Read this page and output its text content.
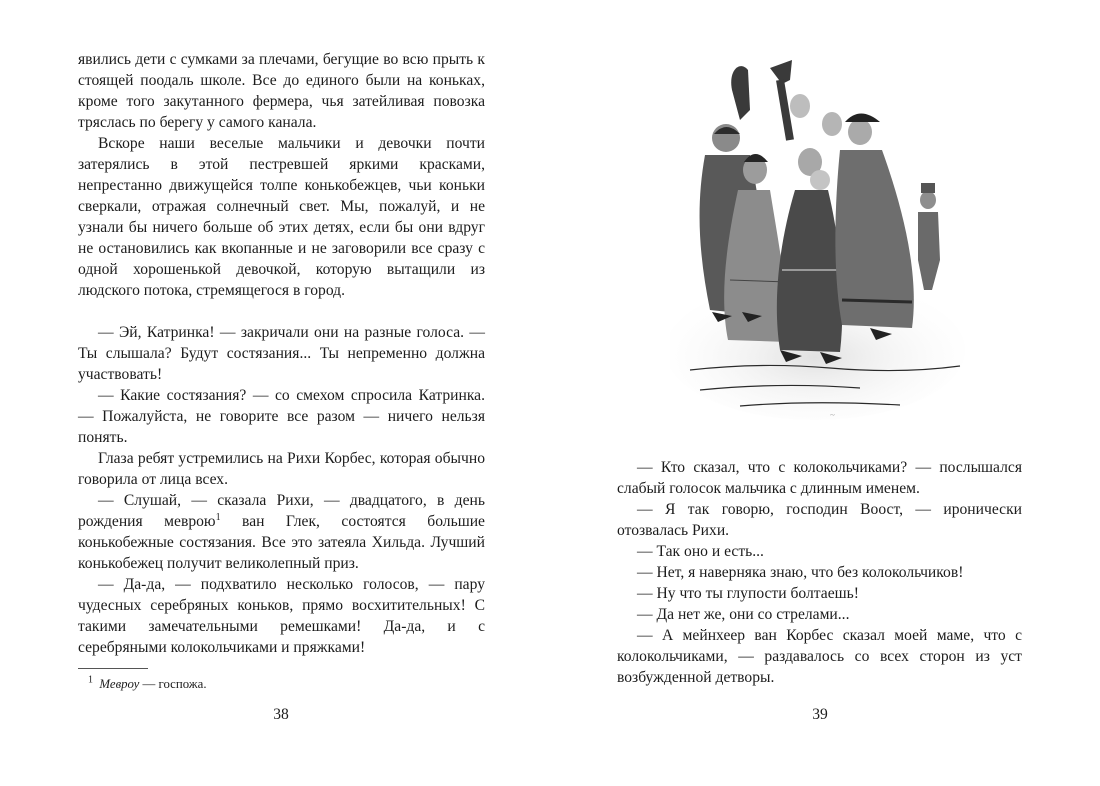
явились дети с сумками за плечами, бегущие во всю прыть к стоящей поодаль школе. Все до единого были на коньках, кроме того закутанного фермера, чья затейливая повозка тряслась по берегу у самого канала.

Вскоре наши веселые мальчики и девочки почти затерялись в этой пестревшей яркими красками, непрестанно движущейся толпе конькобежцев, чьи коньки сверкали, отражая солнечный свет. Мы, пожалуй, и не узнали бы ничего больше об этих детях, если бы они вдруг не остановились как вкопанные и не заговорили все сразу с одной хорошенькой девочкой, которую вытащили из людского потока, стремящегося в город.

— Эй, Катринка! — закричали они на разные голоса. — Ты слышала? Будут состязания... Ты непременно должна участвовать!

— Какие состязания? — со смехом спросила Катринка. — Пожалуйста, не говорите все разом — ничего нельзя понять.

Глаза ребят устремились на Рихи Корбес, которая обычно говорила от лица всех.

— Слушай, — сказала Рихи, — двадцатого, в день рождения меврою$^1$ ван Глек, состоятся большие конькобежные состязания. Все это затеяла Хильда. Лучший конькобежец получит великолепный приз.

— Да-да, — подхватило несколько голосов, — пару чудесных серебряных коньков, прямо восхитительных! С такими замечательными ремешками! Да-да, и с серебряными колокольчиками и пряжками!

$^1$ Мевроу — госпожа.
38
~

— Кто сказал, что с колокольчиками? — послышался слабый голосок мальчика с длинным именем.

— Я так говорю, господин Воост, — иронически отозвалась Рихи.

— Так оно и есть...

— Нет, я наверняка знаю, что без колокольчиков!

— Ну что ты глупости болтаешь!

— Да нет же, они со стрелами...

— А мейнхеер ван Корбес сказал моей маме, что с колокольчиками, — раздавалось со всех сторон из уст возбужденной детворы.

39
